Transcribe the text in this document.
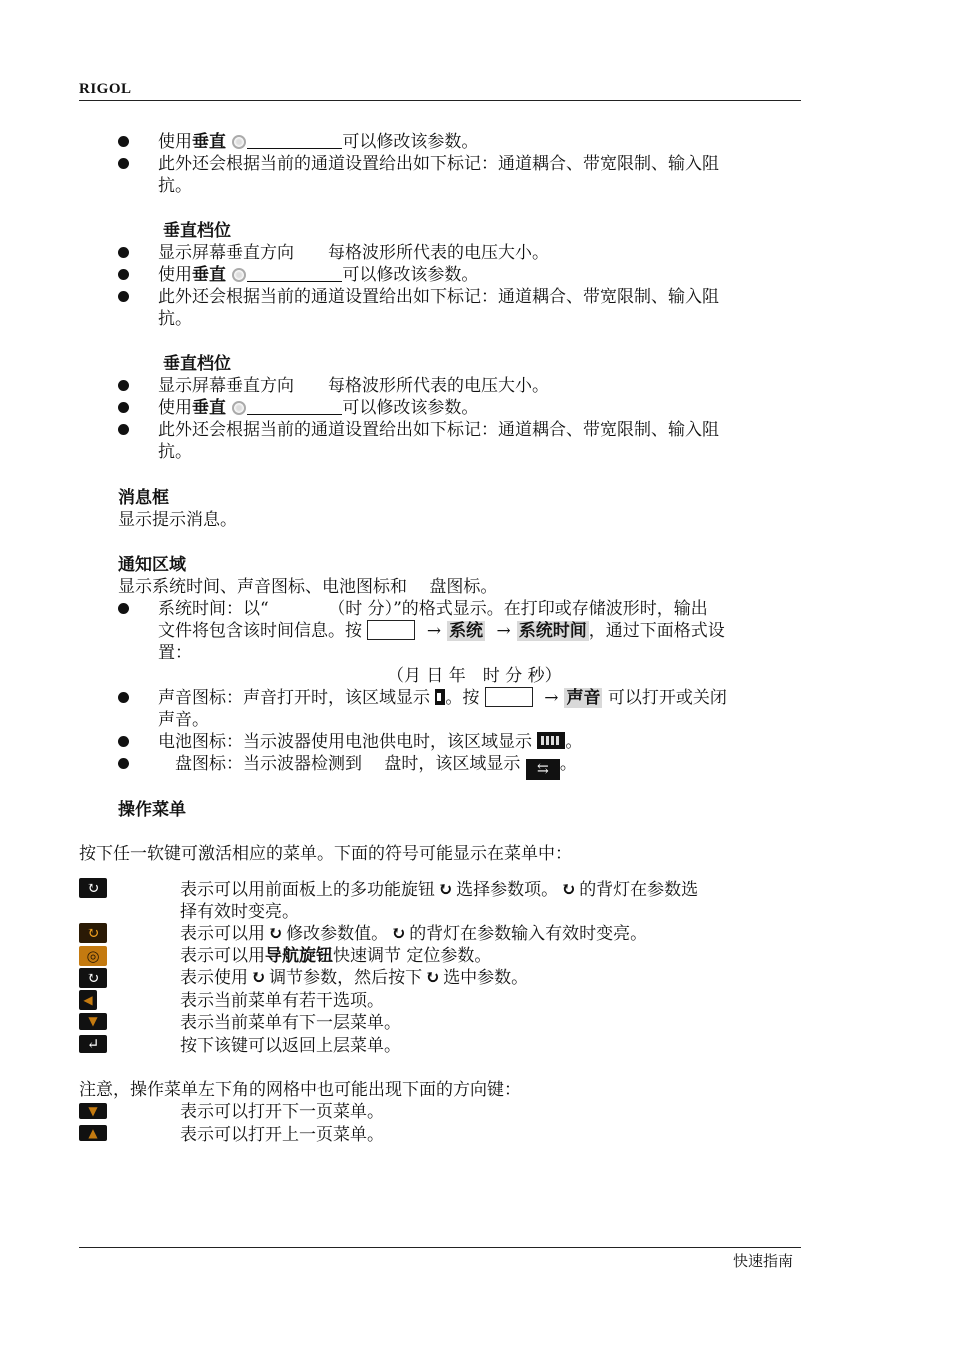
RIGOL
使用垂直	可以修改该参数。
此外还会根据当前的通道设置给出如下标记：通道耦合、带宽限制、输入阻
抗。
垂直档位
显示屏幕垂直方向　　每格波形所代表的电压大小。
使用垂直	可以修改该参数。
此外还会根据当前的通道设置给出如下标记：通道耦合、带宽限制、输入阻
抗。
垂直档位
显示屏幕垂直方向　　每格波形所代表的电压大小。
使用垂直	可以修改该参数。
此外还会根据当前的通道设置给出如下标记：通道耦合、带宽限制、输入阻
抗。
消息框
显示提示消息。
通知区域
显示系统时间、声音图标、电池图标和　 盘图标。
系统时间：以“　　　　（时 分）”的格式显示。在打印或存储波形时，输出
文件将包含该时间信息。按	→ 系统 → 系统时间 ，通过下面格式设
置：
（月 日 年　时 分 秒）
声音图标：声音打开时，该区域显示 。按	→ 声音 可以打开或关闭
声音。
电池图标：当示波器使用电池供电时，该区域显示 。
　盘图标：当示波器检测到　 盘时，该区域显示 ⇆ 。
操作菜单
按下任一软键可激活相应的菜单。下面的符号可能显示在菜单中：
↻	表示可以用前面板上的多功能旋钮 ↻ 选择参数项。 ↻ 的背灯在参数选
择有效时变亮。
↻	表示可以用 ↻ 修改参数值。 ↻ 的背灯在参数输入有效时变亮。
◎	表示可以用导航旋钮快速调节 定位参数。
↻	表示使用 ↻ 调节参数，然后按下 ↻ 选中参数。
◀	表示当前菜单有若干选项。
▼	表示当前菜单有下一层菜单。
↵	按下该键可以返回上层菜单。
注意，操作菜单左下角的网格中也可能出现下面的方向键：
▼	表示可以打开下一页菜单。
▲	表示可以打开上一页菜单。
快速指南
